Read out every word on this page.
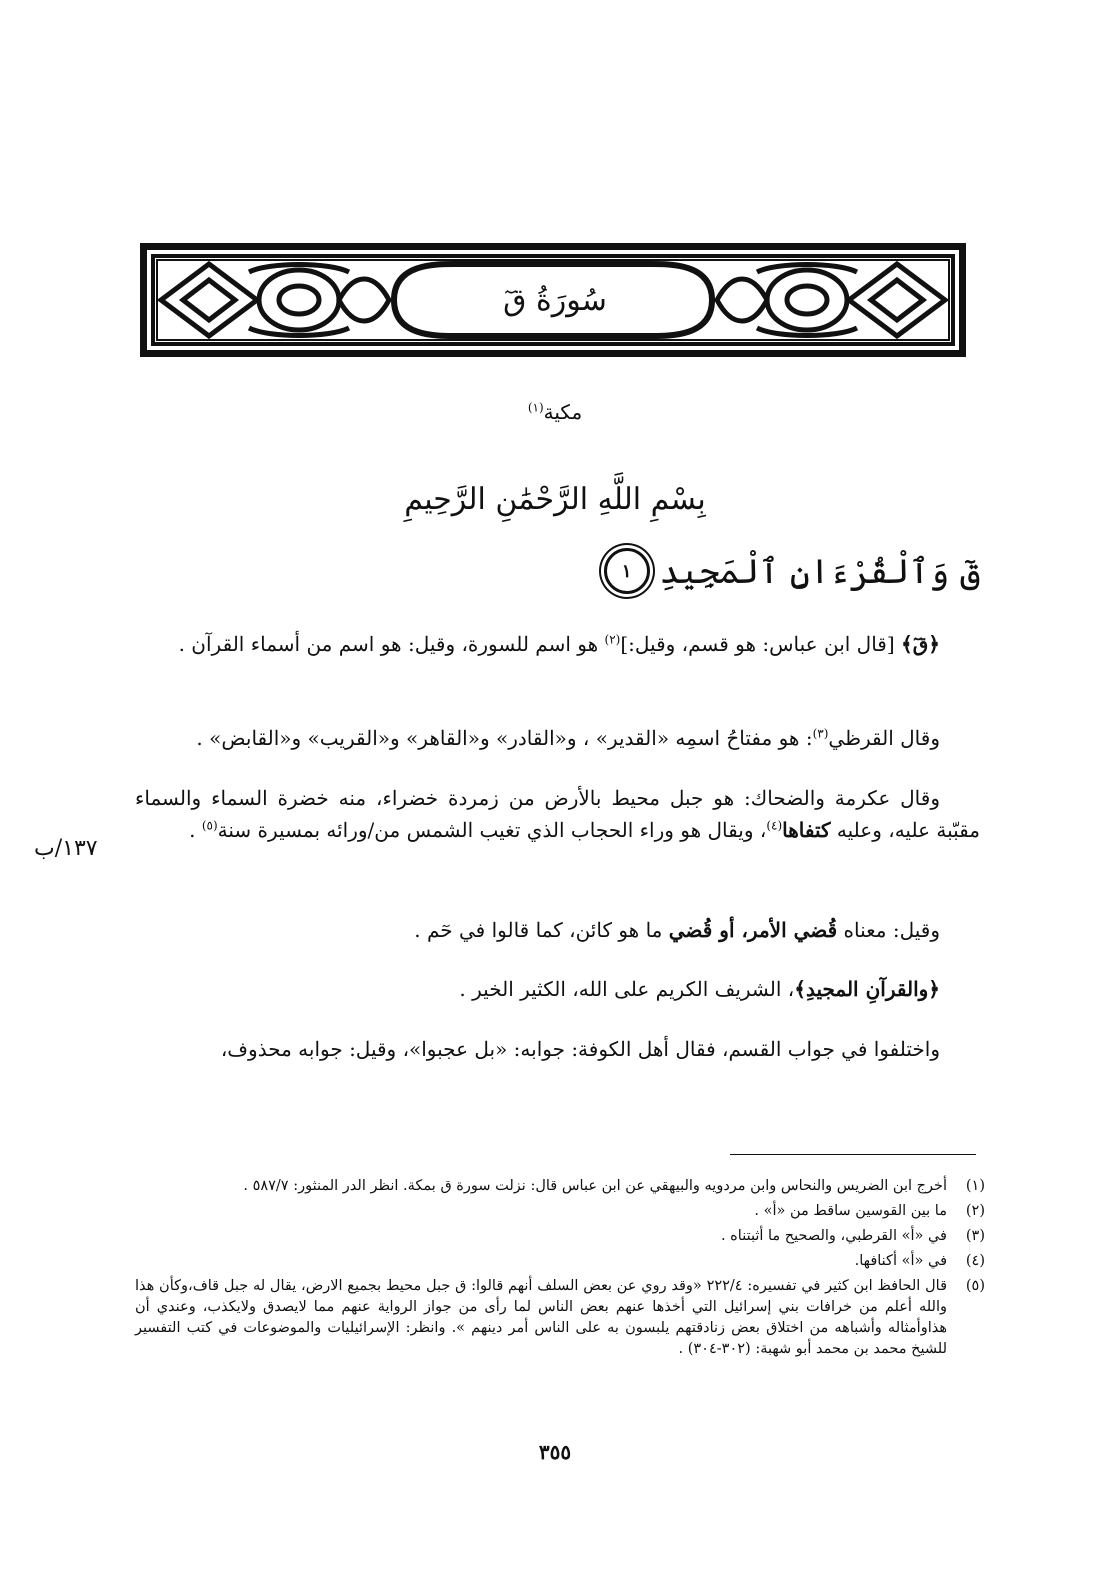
سُورَةُ قٓ
مكية$^{(١)}$
بِسْمِ اللَّهِ الرَّحْمَٰنِ الرَّحِيمِ
قٓ وَٱلْقُرْءَانِ ٱلْمَجِيدِ
١
﴿قٓ﴾ [قال ابن عباس: هو قسم، وقيل:]$^{(٢)}$ هو اسم للسورة، وقيل: هو اسم من أسماء القرآن .
وقال القرظي$^{(٣)}$: هو مفتاحُ اسمِه «القدير» ، و«القادر» و«القاهر» و«القريب» و«القابض» .
وقال عكرمة والضحاك: هو جبل محيط بالأرض من زمردة خضراء، منه خضرة السماء والسماء مقبّبة عليه، وعليه كتفاها$^{(٤)}$، ويقال هو وراء الحجاب الذي تغيب الشمس من/ورائه بمسيرة سنة$^{(٥)}$ .
١٣٧/ب
وقيل: معناه قُضي الأمر، أو قُضي ما هو كائن، كما قالوا في حٓم .
﴿والقرآنِ المجيدِ﴾، الشريف الكريم على الله، الكثير الخير .
واختلفوا في جواب القسم، فقال أهل الكوفة: جوابه: «بل عجبوا»، وقيل: جوابه محذوف،
(١)
أخرج ابن الضريس والنحاس وابن مردويه والبيهقي عن ابن عباس قال: نزلت سورة ق بمكة. انظر الدر المنثور: ٥٨٧/٧ .
(٢)
ما بين القوسين ساقط من «أ» .
(٣)
في «أ» القرطبي، والصحيح ما أثبتناه .
(٤)
في «أ» أكنافها.
(٥)
قال الحافظ ابن كثير في تفسيره: ٢٢٢/٤ «وقد روي عن بعض السلف أنهم قالوا: ق جبل محيط بجميع الارض، يقال له جبل قاف،وكأن هذا والله أعلم من خرافات بني إسرائيل التي أخذها عنهم بعض الناس لما رأى من جواز الرواية عنهم مما لايصدق ولايكذب، وعندي أن هذاوأمثاله وأشباهه من اختلاق بعض زنادقتهم يلبسون به على الناس أمر دينهم ». وانظر: الإسرائيليات والموضوعات في كتب التفسير للشيخ محمد بن محمد أبو شهبة: (٣٠٢-٣٠٤) .
٣٥٥
